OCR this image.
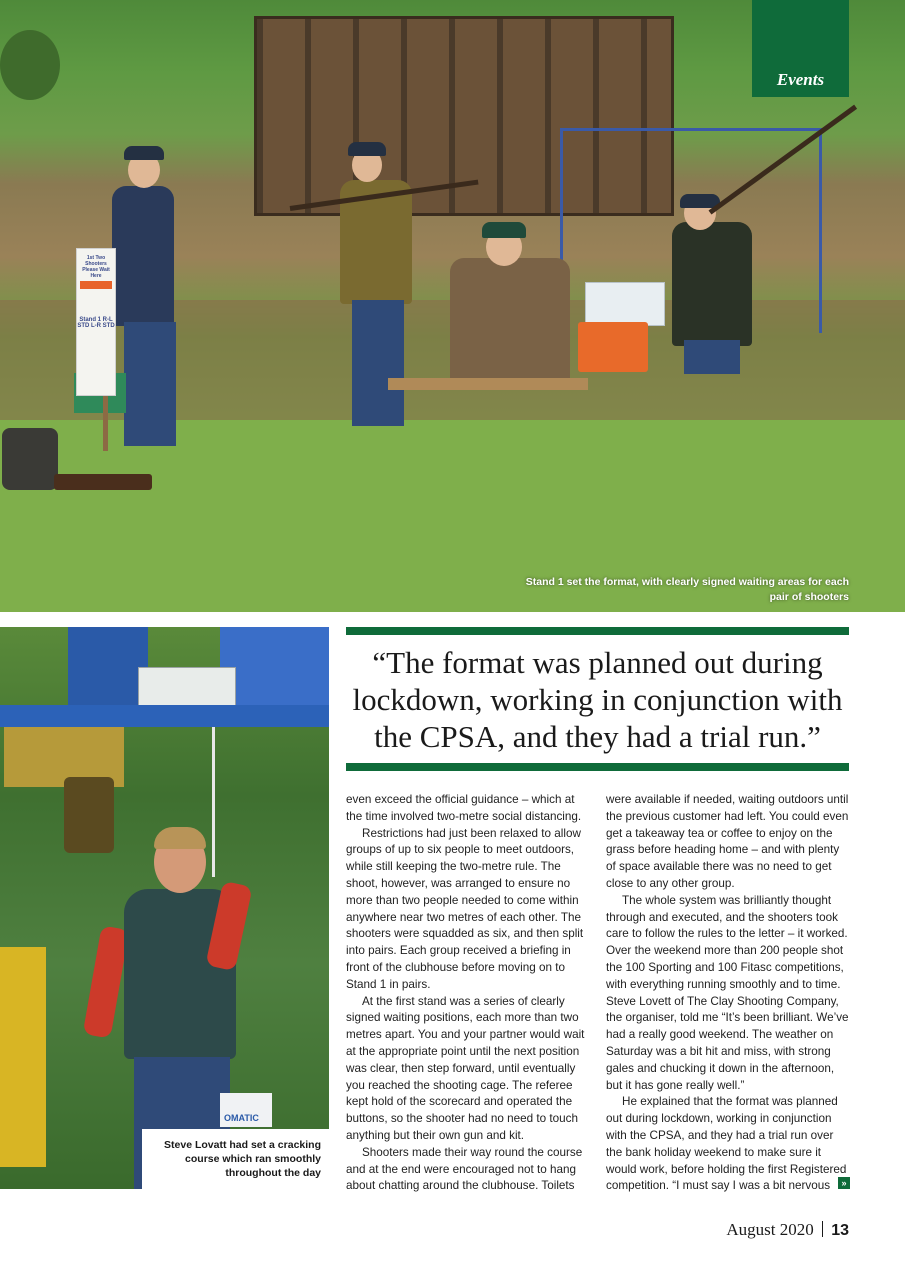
1st Two Shooters Please Wait Here
Stand 1 R-L STD L-R STD
Events
Stand 1 set the format, with clearly signed waiting areas for each pair of shooters
OMATIC
Steve Lovatt had set a cracking course which ran smoothly throughout the day
“The format was planned out during lockdown, working in conjunction with the CPSA, and they had a trial run.”

even exceed the official guidance – which at the time involved two-metre social distancing.

Restrictions had just been relaxed to allow groups of up to six people to meet outdoors, while still keeping the two-metre rule. The shoot, however, was arranged to ensure no more than two people needed to come within anywhere near two metres of each other. The shooters were squadded as six, and then split into pairs. Each group received a briefing in front of the clubhouse before moving on to Stand 1 in pairs.

At the first stand was a series of clearly signed waiting positions, each more than two metres apart. You and your partner would wait at the appropriate point until the next position was clear, then step forward, until eventually you reached the shooting cage. The referee kept hold of the scorecard and operated the buttons, so the shooter had no need to touch anything but their own gun and kit.

Shooters made their way round the course and at the end were encouraged not to hang about chatting around the clubhouse. Toilets

were available if needed, waiting outdoors until the previous customer had left. You could even get a takeaway tea or coffee to enjoy on the grass before heading home – and with plenty of space available there was no need to get close to any other group.

The whole system was brilliantly thought through and executed, and the shooters took care to follow the rules to the letter – it worked. Over the weekend more than 200 people shot the 100 Sporting and 100 Fitasc competitions, with everything running smoothly and to time. Steve Lovett of The Clay Shooting Company, the organiser, told me “It’s been brilliant. We’ve had a really good weekend. The weather on Saturday was a bit hit and miss, with strong gales and chucking it down in the afternoon, but it has gone really well.”

He explained that the format was planned out during lockdown, working in conjunction with the CPSA, and they had a trial run over the bank holiday weekend to make sure it would work, before holding the first Registered competition. “I must say I was a bit nervous	»
August 2020 13
